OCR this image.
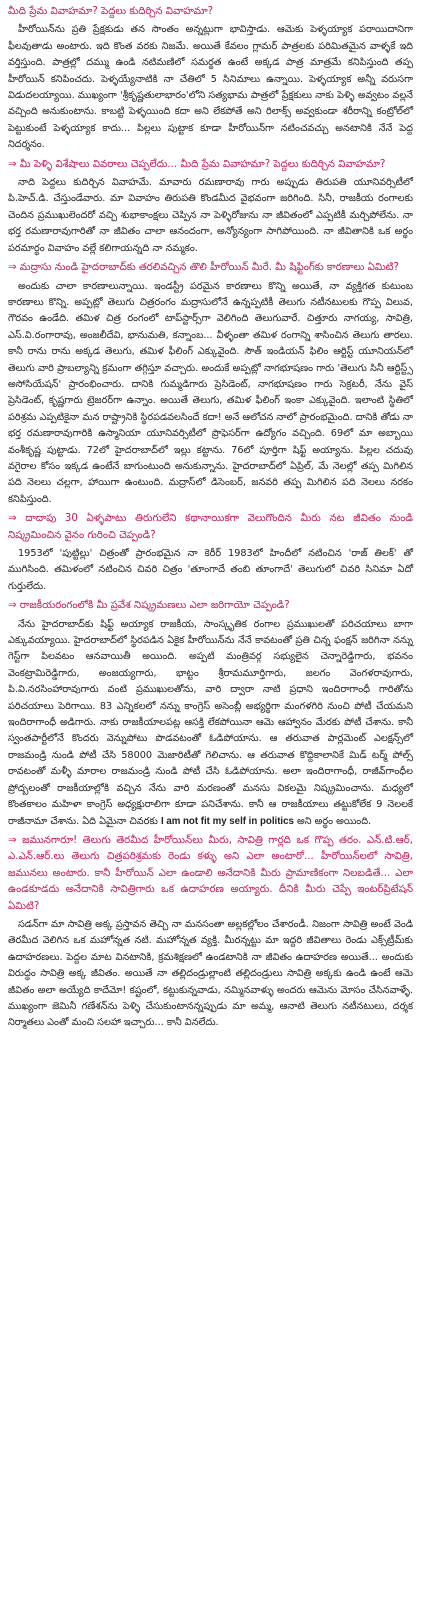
మీది ప్రేమ వివాహమా? పెద్దలు కుదిర్చిన వివాహమా?

హీరోయిన్‌ను ప్రతి ప్రేక్షకుడు తన సొంతం అన్నట్లుగా భావిస్తాడు. ఆమెకు పెళ్ళయ్యాక పరాయిదానిగా ఫీలవుతాడు అంటారు. ఇది కొంత వరకు నిజమే. అయితే కేవలం గ్లామర్ పాత్రలకు పరిమితమైన వాళ్ళకే ఇది వర్తిస్తుంది. పాత్రల్లో దమ్ము ఉండి నటిమణిలో సమర్థత ఉంటే అక్కడ పాత్ర మాత్రమే కనిపిస్తుంది తప్ప హీరోయిన్ కనిపించదు. పెళ్ళయ్యేనాటికి నా చేతిలో 5 సినిమాలు ఉన్నాయి. పెళ్ళయ్యాక అన్నీ వరుసగా విడుదలయ్యాయి. ముఖ్యంగా 'శ్రీకృష్ణతులాభారం'లోని సత్యభామ పాత్రలో ప్రేక్షకులు నాకు పెళ్ళి అవ్వటం వల్లనే వచ్చింది అనుకుంటాను. కాబట్టి పెళ్ళయింది కదా అని లేకపోతే అని రిలాక్స్ అవ్వకుండా శరీరాన్ని కంట్రోల్‌లో పెట్టుకుంటే పెళ్ళయ్యాక కాదు... పిల్లలు పుట్టాక కూడా హీరోయిన్‌గా నటించవచ్చు అనటానికి నేనే పెద్ద నిదర్శనం.

⇒ మీ పెళ్ళి విశేషాలు వివరాలు చెప్పలేదు... మీది ప్రేమ వివాహమా? పెద్దలు కుదిర్చిన వివాహమా?

నాది పెద్దలు కుదిర్చిన వివాహమే. మావారు రమణారావు గారు అప్పుడు తిరుపతి యూనివర్సిటీలో పి.హెచ్.డి. చేస్తుండేవారు. మా వివాహం తిరుపతి కొండమీద వైభవంగా జరిగింది. సినీ, రాజకీయ రంగాలకు చెందిన ప్రముఖులెందరో వచ్చి శుభాకాంక్షలు చెప్పిన నా పెళ్ళిరోజును నా జీవితంలో ఎప్పటికీ మర్చిపోలేను. నా భర్త రమణారావుగారితో నా జీవితం చాలా ఆనందంగా, అన్యోన్యంగా సాగిపోయింది. నా జీవితానికి ఒక అర్థం పరమార్థం వివాహం వల్లే కలిగాయన్నది నా నమ్మకం.

⇒ మద్రాసు నుండి హైదరాబాద్‌కు తరలివచ్చిన తొలి హీరోయిన్ మీరే. మీ షిఫ్టింగ్‌కు కారణాలు ఏమిటి?

అందుకు చాలా కారణాలున్నాయి. ఇండస్ట్రీ పరమైన కారణాలు కొన్ని అయితే, నా వ్యక్తిగత కుటుంబ కారణాలు కొన్ని. అప్పట్లో తెలుగు చిత్రరంగం మద్రాసులోనే ఉన్నప్పటికీ తెలుగు నటీనటులకు గొప్ప విలువ, గౌరవం ఉండేది. తమిళ చిత్ర రంగంలో టాప్‌స్టార్స్‌గా వెలిగింది తెలుగువారే. చిత్తూరు నాగయ్య, సావిత్రి, ఎస్.వి.రంగారావు, అంజలీదేవి, భానుమతి, కన్నాంబ... వీళ్ళంతా తమిళ రంగాన్ని శాసించిన తెలుగు తారలు. కానీ రాను రాను అక్కడ తెలుగు, తమిళ ఫీలింగ్ ఎక్కువైంది. సౌత్ ఇండియన్ ఫిలిం ఆర్టిస్ట్ యూనియన్‌లో తెలుగు వారి ప్రాబల్యాన్ని క్రమంగా తగ్గిస్తూ వచ్చారు. అందుకే అప్పట్లో నాగభూషణం గారు 'తెలుగు సినీ ఆర్టిస్ట్స్ అసోసియేషన్' ప్రారంభించారు. దానికి గుమ్మడిగారు ప్రెసిడెంట్, నాగభూషణం గారు సెక్రటరీ, నేను వైస్ ప్రెసిడెంట్, కృష్ణగారు ట్రెజరర్‌గా ఉన్నాం. అయితే తెలుగు, తమిళ ఫీలింగ్ ఇంకా ఎక్కువైంది. ఇలాంటి స్థితిలో పరిశ్రమ ఎప్పటికైనా మన రాష్ట్రానికి స్థిరపడవలసిందే కదా! అనే ఆలోచన నాలో ప్రారంభమైంది. దానికి తోడు నా భర్త రమణారావుగారికి ఉస్మానియా యూనివర్సిటీలో ప్రొఫెసర్‌గా ఉద్యోగం వచ్చింది. 69లో మా అబ్బాయి వంశీకృష్ణ పుట్టాడు. 72లో హైదరాబాద్‌లో ఇల్లు కట్టాను. 76లో పూర్తిగా షిఫ్ట్ అయ్యాను. పిల్లల చదువు వగైరాల కోసం ఇక్కడ ఉంటేనే బాగుంటుంది అనుకున్నాను. హైదరాబాద్‌లో ఏప్రిల్, మే నెలల్లో తప్ప మిగిలిన పది నెలలు చల్లగా, హాయిగా ఉంటుంది. మద్రాస్‌లో డిసెంబర్, జనవరి తప్ప మిగిలిన పది నెలలు నరకం కనిపిస్తుంది.

⇒ దాదాపు 30 ఏళ్ళపాటు తిరుగులేని కథానాయికగా వెలుగొందిన మీరు నట జీవితం నుండి నిష్క్రమించిన వైనం గురించి చెప్పండి?

1953లో 'పుట్టిల్లు' చిత్రంతో ప్రారంభమైన నా కెరీర్ 1983లో హిందీలో నటించిన 'రాజ్ తిలక్' తో ముగిసింది. తమిళంలో నటించిన చివరి చిత్రం 'తూంగాదే తంబి తూంగాదే' తెలుగులో చివరి సినిమా ఏదో గుర్తులేదు.

⇒ రాజకీయరంగంలోకి మీ ప్రవేశ నిష్క్రమణలు ఎలా జరిగాయో చెప్పండి?

నేను హైదరాబాద్‌కు షిఫ్ట్ అయ్యాక రాజకీయ, సాంస్కృతిక రంగాల ప్రముఖులతో పరిచయాలు బాగా ఎక్కువయ్యాయి. హైదరాబాద్‌లో స్థిరపడిన ఏకైక హీరోయిన్‌ను నేనే కావటంతో ప్రతి చిన్న ఫంక్షన్ జరిగినా నన్ను గెస్ట్‌గా పిలవటం ఆనవాయితీ అయింది. అప్పటి మంత్రివర్గ సభ్యులైన చెన్నారెడ్డిగారు, భవనం వెంకట్రామిరెడ్డిగారు, అంజయ్యగారు, భాట్టం శ్రీరామమూర్తిగారు, జలగం వెంగళరావుగారు, పి.వి.నరసింహారావుగారు వంటి ప్రముఖులతోను, వారి ద్వారా నాటి ప్రధాని ఇందిరాగాంధీ గారితోను పరిచయాలు పెరిగాయి. 83 ఎన్నికలలో నన్ను కాంగ్రెస్ అసెంబ్లీ అభ్యర్థిగా మంగళగిరి నుంచి పోటీ చేయమని ఇందిరాగాంధీ అడిగారు. నాకు రాజకీయాలపట్ల ఆసక్తి లేకపోయినా ఆమె ఆహ్వానం మేరకు పోటీ చేశాను. కానీ స్వంతపార్టీలోనే కొందరు వెన్నుపోటు పొడవటంతో ఓడిపోయాను. ఆ తరువాత పార్లమెంట్ ఎలక్షన్స్‌లో రాజమండ్రి నుండి పోటీ చేసి 58000 మెజారిటీతో గెలిచాను. ఆ తరువాత కొద్దికాలానికే మిడ్ టర్మ్ పోల్స్ రావటంతో మళ్ళీ మారాల రాజమండ్రి నుండి పోటీ చేసి ఓడిపోయాను. అలా ఇందిరాగాంధీ, రాజీవ్‌గాంధీల ప్రోద్బలంతో రాజకీయాల్లోకి వచ్చిన నేను వారి మరణంతో మనసు వికలమై నిష్క్రమించాను. మధ్యలో కొంతకాలం మహిళా కాంగ్రెస్ అధ్యక్షురాలిగా కూడా పనిచేశాను. కానీ ఆ రాజకీయాలు తట్టుకోలేక 9 నెలలకే రాజీనామా చేశాను. ఏది ఏమైనా చివరకు I am not fit my self in politics అని అర్థం అయింది.

⇒ జమునగారూ! తెలుగు తెరమీద హీరోయిన్‌లు మీరు, సావిత్రి గార్లది ఒక గొప్ప తరం. ఎన్.టి.ఆర్, ఎ.ఎన్.ఆర్.లు తెలుగు చిత్రపరిశ్రమకు రెండు కళ్ళు అని ఎలా అంటారో... హీరోయిన్‌లలో సావిత్రి, జమునలు అంటారు. కానీ హీరోయిన్ ఎలా ఉండాలి అనేదానికి మీరు ప్రామాణికంగా నిలబడితే... ఎలా ఉండకూడదు అనేదానికి సావిత్రిగారు ఒక ఉదాహరణ అయ్యారు. దీనికి మీరు చెప్పే ఇంటర్‌ప్రిటేషన్ ఏమిటి?

సడన్‌గా మా సావిత్రి అక్క ప్రస్తావన తెచ్చి నా మనసంతా అల్లకల్లోలం చేశారండీ. నిజంగా సావిత్రి అంటే వెండి తెరమీద వెలిగిన ఒక మహోన్నత నటి. మహోన్నత వ్యక్తి. మీరన్నట్టు మా ఇద్దరి జీవితాలు రెండు ఎక్స్‌ట్రీమ్‌కు ఉదాహరణలు. పెద్దల మాట వినటానికి, క్రమశిక్షణలో ఉండటానికి నా జీవితం ఉదాహరణ అయితే... అందుకు విరుద్ధం సావిత్రి అక్క జీవితం. అయితే నా తల్లిదండ్రుల్లాంటి తల్లిదండ్రులు సావిత్రి అక్కకు ఉండి ఉంటే ఆమె జీవితం అలా అయ్యేది కాదేమో! కష్టంలో, కట్టుకున్నవాడు, నమ్మినవాళ్ళు అందరు ఆమెను మోసం చేసినవాళ్ళే. ముఖ్యంగా జెమినీ గణేశన్‌ను పెళ్ళి చేసుకుంటానన్నప్పుడు మా అమ్మ, ఆనాటి తెలుగు నటీనటులు, దర్శక నిర్మాతలు ఎంతో మంచి సలహా ఇచ్చారు... కానీ వినలేదు.
